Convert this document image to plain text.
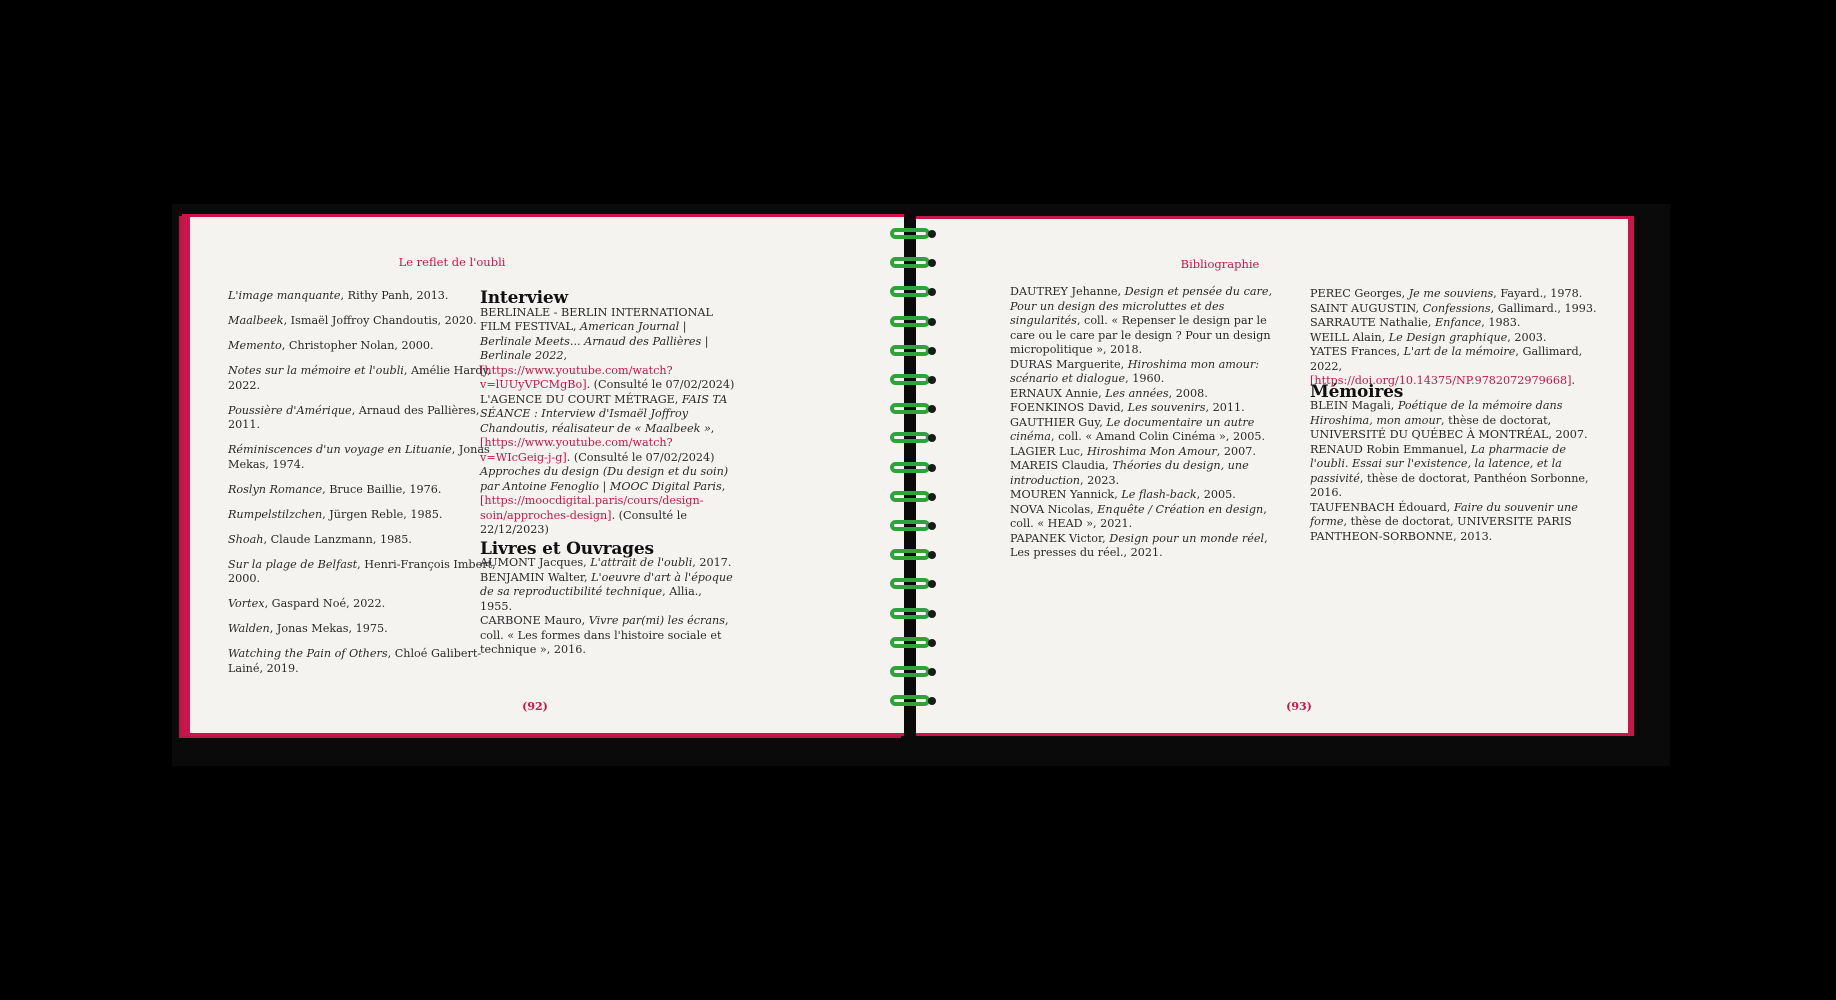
Le reflet de l'oubli

L'image manquante, Rithy Panh, 2013.

Maalbeek, Ismaël Joffroy Chandoutis, 2020.

Memento, Christopher Nolan, 2000.

Notes sur la mémoire et l'oubli, Amélie Hardy, 2022.

Poussière d'Amérique, Arnaud des Pallières, 2011.

Réminiscences d'un voyage en Lituanie, Jonas Mekas, 1974.

Roslyn Romance, Bruce Baillie, 1976.

Rumpelstilzchen, Jürgen Reble, 1985.

Shoah, Claude Lanzmann, 1985.

Sur la plage de Belfast, Henri-François Imbert, 2000.

Vortex, Gaspard Noé, 2022.

Walden, Jonas Mekas, 1975.

Watching the Pain of Others, Chloé Galibert-Lainé, 2019.

Interview

BERLINALE - BERLIN INTERNATIONAL FILM FESTIVAL, American Journal | Berlinale Meets... Arnaud des Pallières | Berlinale 2022, [https://www.youtube.com/watch?v=lUUyVPCMgBo]. (Consulté le 07/02/2024)

L'AGENCE DU COURT MÉTRAGE, FAIS TA SÉANCE : Interview d'Ismaël Joffroy Chandoutis, réalisateur de « Maalbeek », [https://www.youtube.com/watch?v=WIcGeig-j-g]. (Consulté le 07/02/2024)

Approches du design (Du design et du soin) par Antoine Fenoglio | MOOC Digital Paris, [https://moocdigital.paris/cours/design-soin/approches-design]. (Consulté le 22/12/2023)

Livres et Ouvrages

AUMONT Jacques, L'attrait de l'oubli, 2017.

BENJAMIN Walter, L'oeuvre d'art à l'époque de sa reproductibilité technique, Allia., 1955.

CARBONE Mauro, Vivre par(mi) les écrans, coll. « Les formes dans l'histoire sociale et technique », 2016.

(92)
Bibliographie

DAUTREY Jehanne, Design et pensée du care, Pour un design des microluttes et des singularités, coll. « Repenser le design par le care ou le care par le design ? Pour un design micropolitique », 2018.

DURAS Marguerite, Hiroshima mon amour: scénario et dialogue, 1960.

ERNAUX Annie, Les années, 2008.

FOENKINOS David, Les souvenirs, 2011.

GAUTHIER Guy, Le documentaire un autre cinéma, coll. « Amand Colin Cinéma », 2005.

LAGIER Luc, Hiroshima Mon Amour, 2007.

MAREIS Claudia, Théories du design, une introduction, 2023.

MOUREN Yannick, Le flash-back, 2005.

NOVA Nicolas, Enquête / Création en design, coll. « HEAD », 2021.

PAPANEK Victor, Design pour un monde réel, Les presses du réel., 2021.

PEREC Georges, Je me souviens, Fayard., 1978.

SAINT AUGUSTIN, Confessions, Gallimard., 1993.

SARRAUTE Nathalie, Enfance, 1983.

WEILL Alain, Le Design graphique, 2003.

YATES Frances, L'art de la mémoire, Gallimard, 2022, [https://doi.org/10.14375/NP.9782072979668].

Mémoires

BLEIN Magali, Poétique de la mémoire dans Hiroshima, mon amour, thèse de doctorat, UNIVERSITÉ DU QUÉBEC À MONTRÉAL, 2007.

RENAUD Robin Emmanuel, La pharmacie de l'oubli. Essai sur l'existence, la latence, et la passivité, thèse de doctorat, Panthéon Sorbonne, 2016.

TAUFENBACH Édouard, Faire du souvenir une forme, thèse de doctorat, UNIVERSITE PARIS PANTHEON-SORBONNE, 2013.

(93)
